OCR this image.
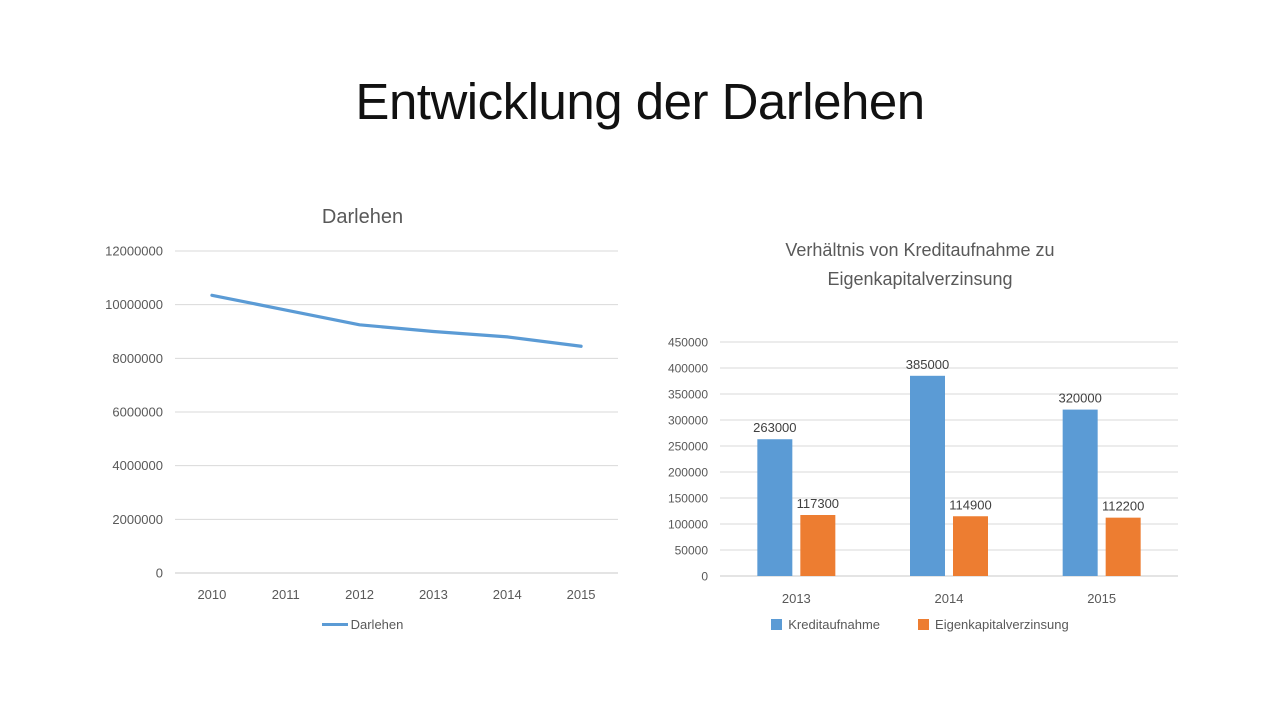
Entwicklung der Darlehen
Darlehen
12000000
10000000
8000000
6000000
4000000
2000000
0
2010	2011	2012	2013	2014	2015
Darlehen
Verhältnis von Kreditaufnahme zu
Eigenkapitalverzinsung
450000
400000
350000
300000
250000
200000
150000
100000
50000
0
2013	2014	2015
263000
117300
385000
114900
320000
112200
Kreditaufnahme	Eigenkapitalverzinsung
